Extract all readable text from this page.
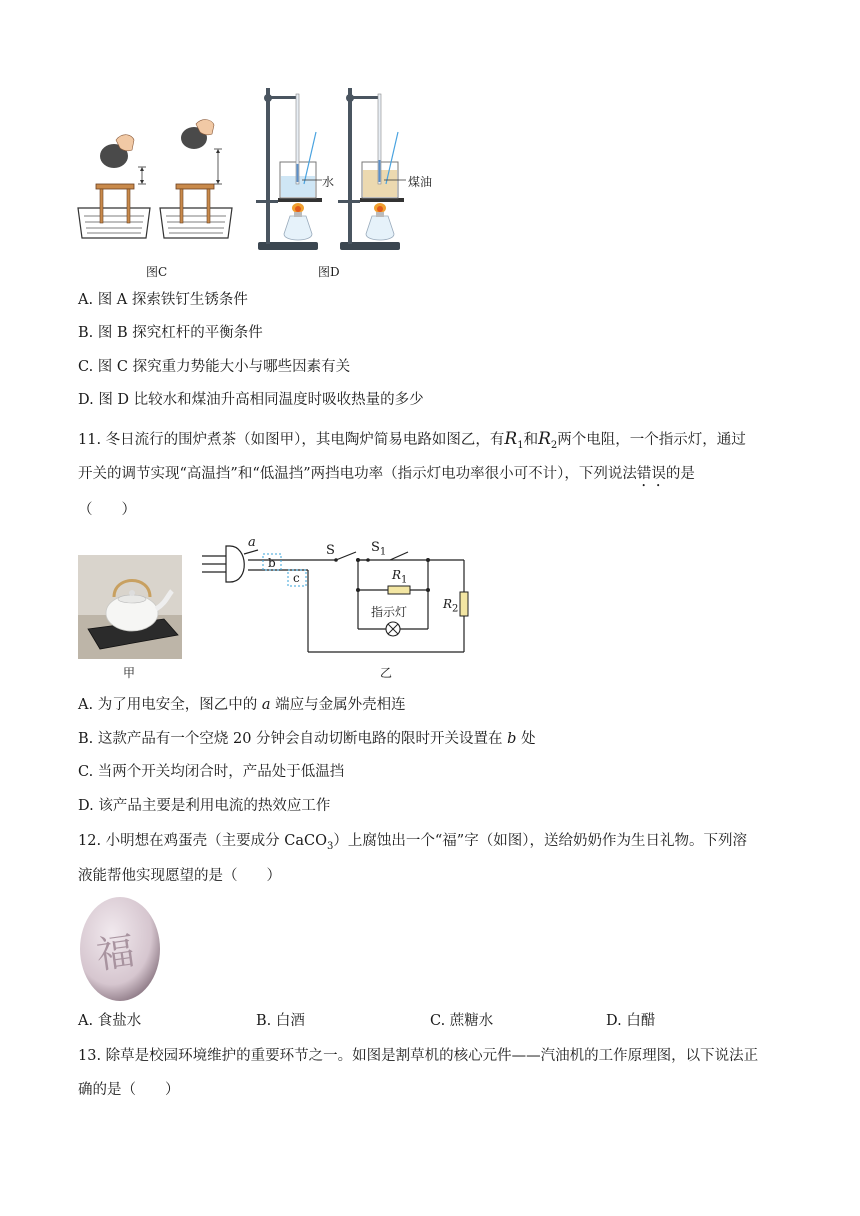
图C
水	煤油
图D
A. 图 A 探索铁钉生锈条件
B. 图 B 探究杠杆的平衡条件
C. 图 C 探究重力势能大小与哪些因素有关
D. 图 D 比较水和煤油升高相同温度时吸收热量的多少
11. 冬日流行的围炉煮茶（如图甲），其电陶炉简易电路如图乙，有$R_1$和$R_2$两个电阻，一个指示灯，通过
开关的调节实现“高温挡”和“低温挡”两挡电功率（指示灯电功率很小可不计），下列说法错误的是
（　　）
甲
a
b
c
S	$S_1$
$R_1$
$R_2$
指示灯
乙
A. 为了用电安全，图乙中的 a 端应与金属外壳相连
B. 这款产品有一个空烧 20 分钟会自动切断电路的限时开关设置在 b 处
C. 当两个开关均闭合时，产品处于低温挡
D. 该产品主要是利用电流的热效应工作
12. 小明想在鸡蛋壳（主要成分 CaCO$_3$）上腐蚀出一个“福”字（如图），送给奶奶作为生日礼物。下列溶
液能帮他实现愿望的是（　　）
福
A. 食盐水	B. 白酒	C. 蔗糖水	D. 白醋
13. 除草是校园环境维护的重要环节之一。如图是割草机的核心元件——汽油机的工作原理图，以下说法正
确的是（　　）
